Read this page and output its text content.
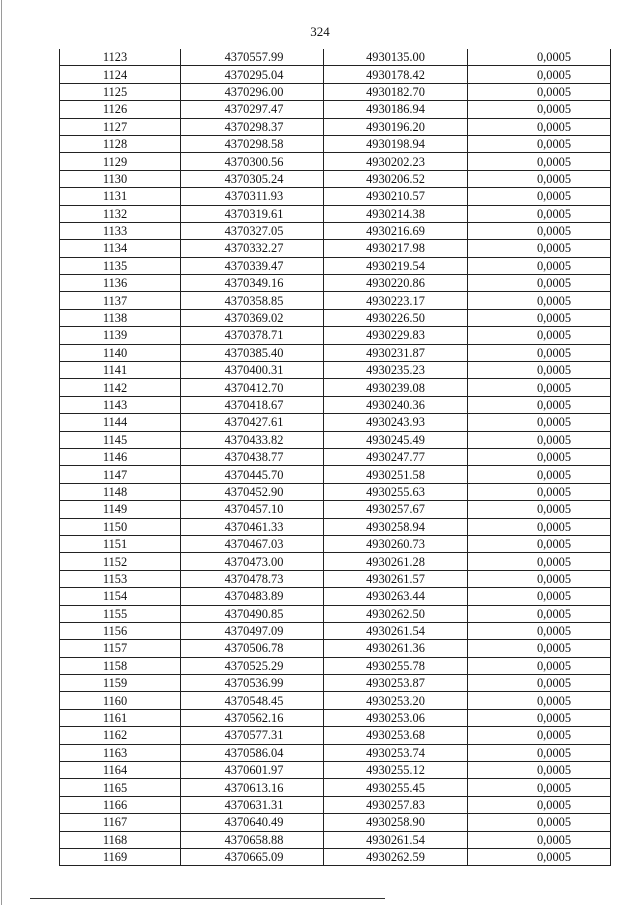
324
1123	4370557.99	4930135.00	0,0005
1124	4370295.04	4930178.42	0,0005
1125	4370296.00	4930182.70	0,0005
1126	4370297.47	4930186.94	0,0005
1127	4370298.37	4930196.20	0,0005
1128	4370298.58	4930198.94	0,0005
1129	4370300.56	4930202.23	0,0005
1130	4370305.24	4930206.52	0,0005
1131	4370311.93	4930210.57	0,0005
1132	4370319.61	4930214.38	0,0005
1133	4370327.05	4930216.69	0,0005
1134	4370332.27	4930217.98	0,0005
1135	4370339.47	4930219.54	0,0005
1136	4370349.16	4930220.86	0,0005
1137	4370358.85	4930223.17	0,0005
1138	4370369.02	4930226.50	0,0005
1139	4370378.71	4930229.83	0,0005
1140	4370385.40	4930231.87	0,0005
1141	4370400.31	4930235.23	0,0005
1142	4370412.70	4930239.08	0,0005
1143	4370418.67	4930240.36	0,0005
1144	4370427.61	4930243.93	0,0005
1145	4370433.82	4930245.49	0,0005
1146	4370438.77	4930247.77	0,0005
1147	4370445.70	4930251.58	0,0005
1148	4370452.90	4930255.63	0,0005
1149	4370457.10	4930257.67	0,0005
1150	4370461.33	4930258.94	0,0005
1151	4370467.03	4930260.73	0,0005
1152	4370473.00	4930261.28	0,0005
1153	4370478.73	4930261.57	0,0005
1154	4370483.89	4930263.44	0,0005
1155	4370490.85	4930262.50	0,0005
1156	4370497.09	4930261.54	0,0005
1157	4370506.78	4930261.36	0,0005
1158	4370525.29	4930255.78	0,0005
1159	4370536.99	4930253.87	0,0005
1160	4370548.45	4930253.20	0,0005
1161	4370562.16	4930253.06	0,0005
1162	4370577.31	4930253.68	0,0005
1163	4370586.04	4930253.74	0,0005
1164	4370601.97	4930255.12	0,0005
1165	4370613.16	4930255.45	0,0005
1166	4370631.31	4930257.83	0,0005
1167	4370640.49	4930258.90	0,0005
1168	4370658.88	4930261.54	0,0005
1169	4370665.09	4930262.59	0,0005
